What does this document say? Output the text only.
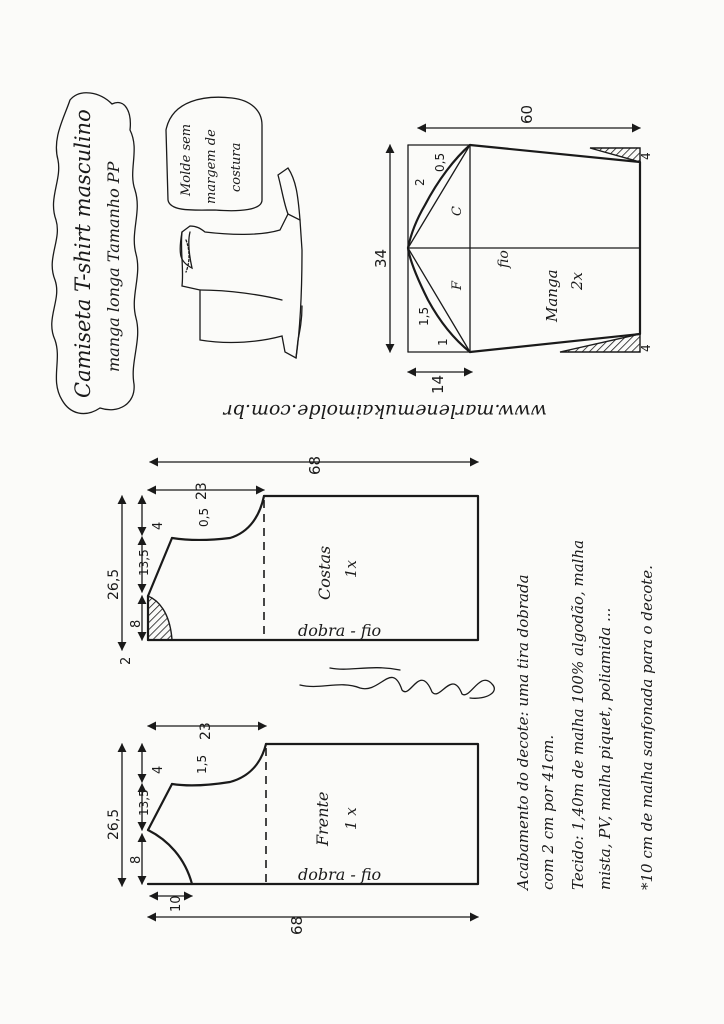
Camiseta T-shirt masculino manga longa Tamanho PP
Molde sem margem de costura
www.marlenemukaimolde.com.br
60
34
14
4
4
0,5
2
1,5
1
C
F
fio
Manga 2x
68
23
26,5
4
13,5
8
2
0,5
Costas 1x
dobra - fio
68
23
26,5
4
13,5
8
10
1,5
Frente 1 x
dobra - fio	Acabamento do decote: uma tira dobrada com 2 cm por 41cm. Tecido: 1,40m de malha 100% algodão, malha mista, PV, malha piquet, poliamida ... *10 cm de malha sanfonada para o decote.
